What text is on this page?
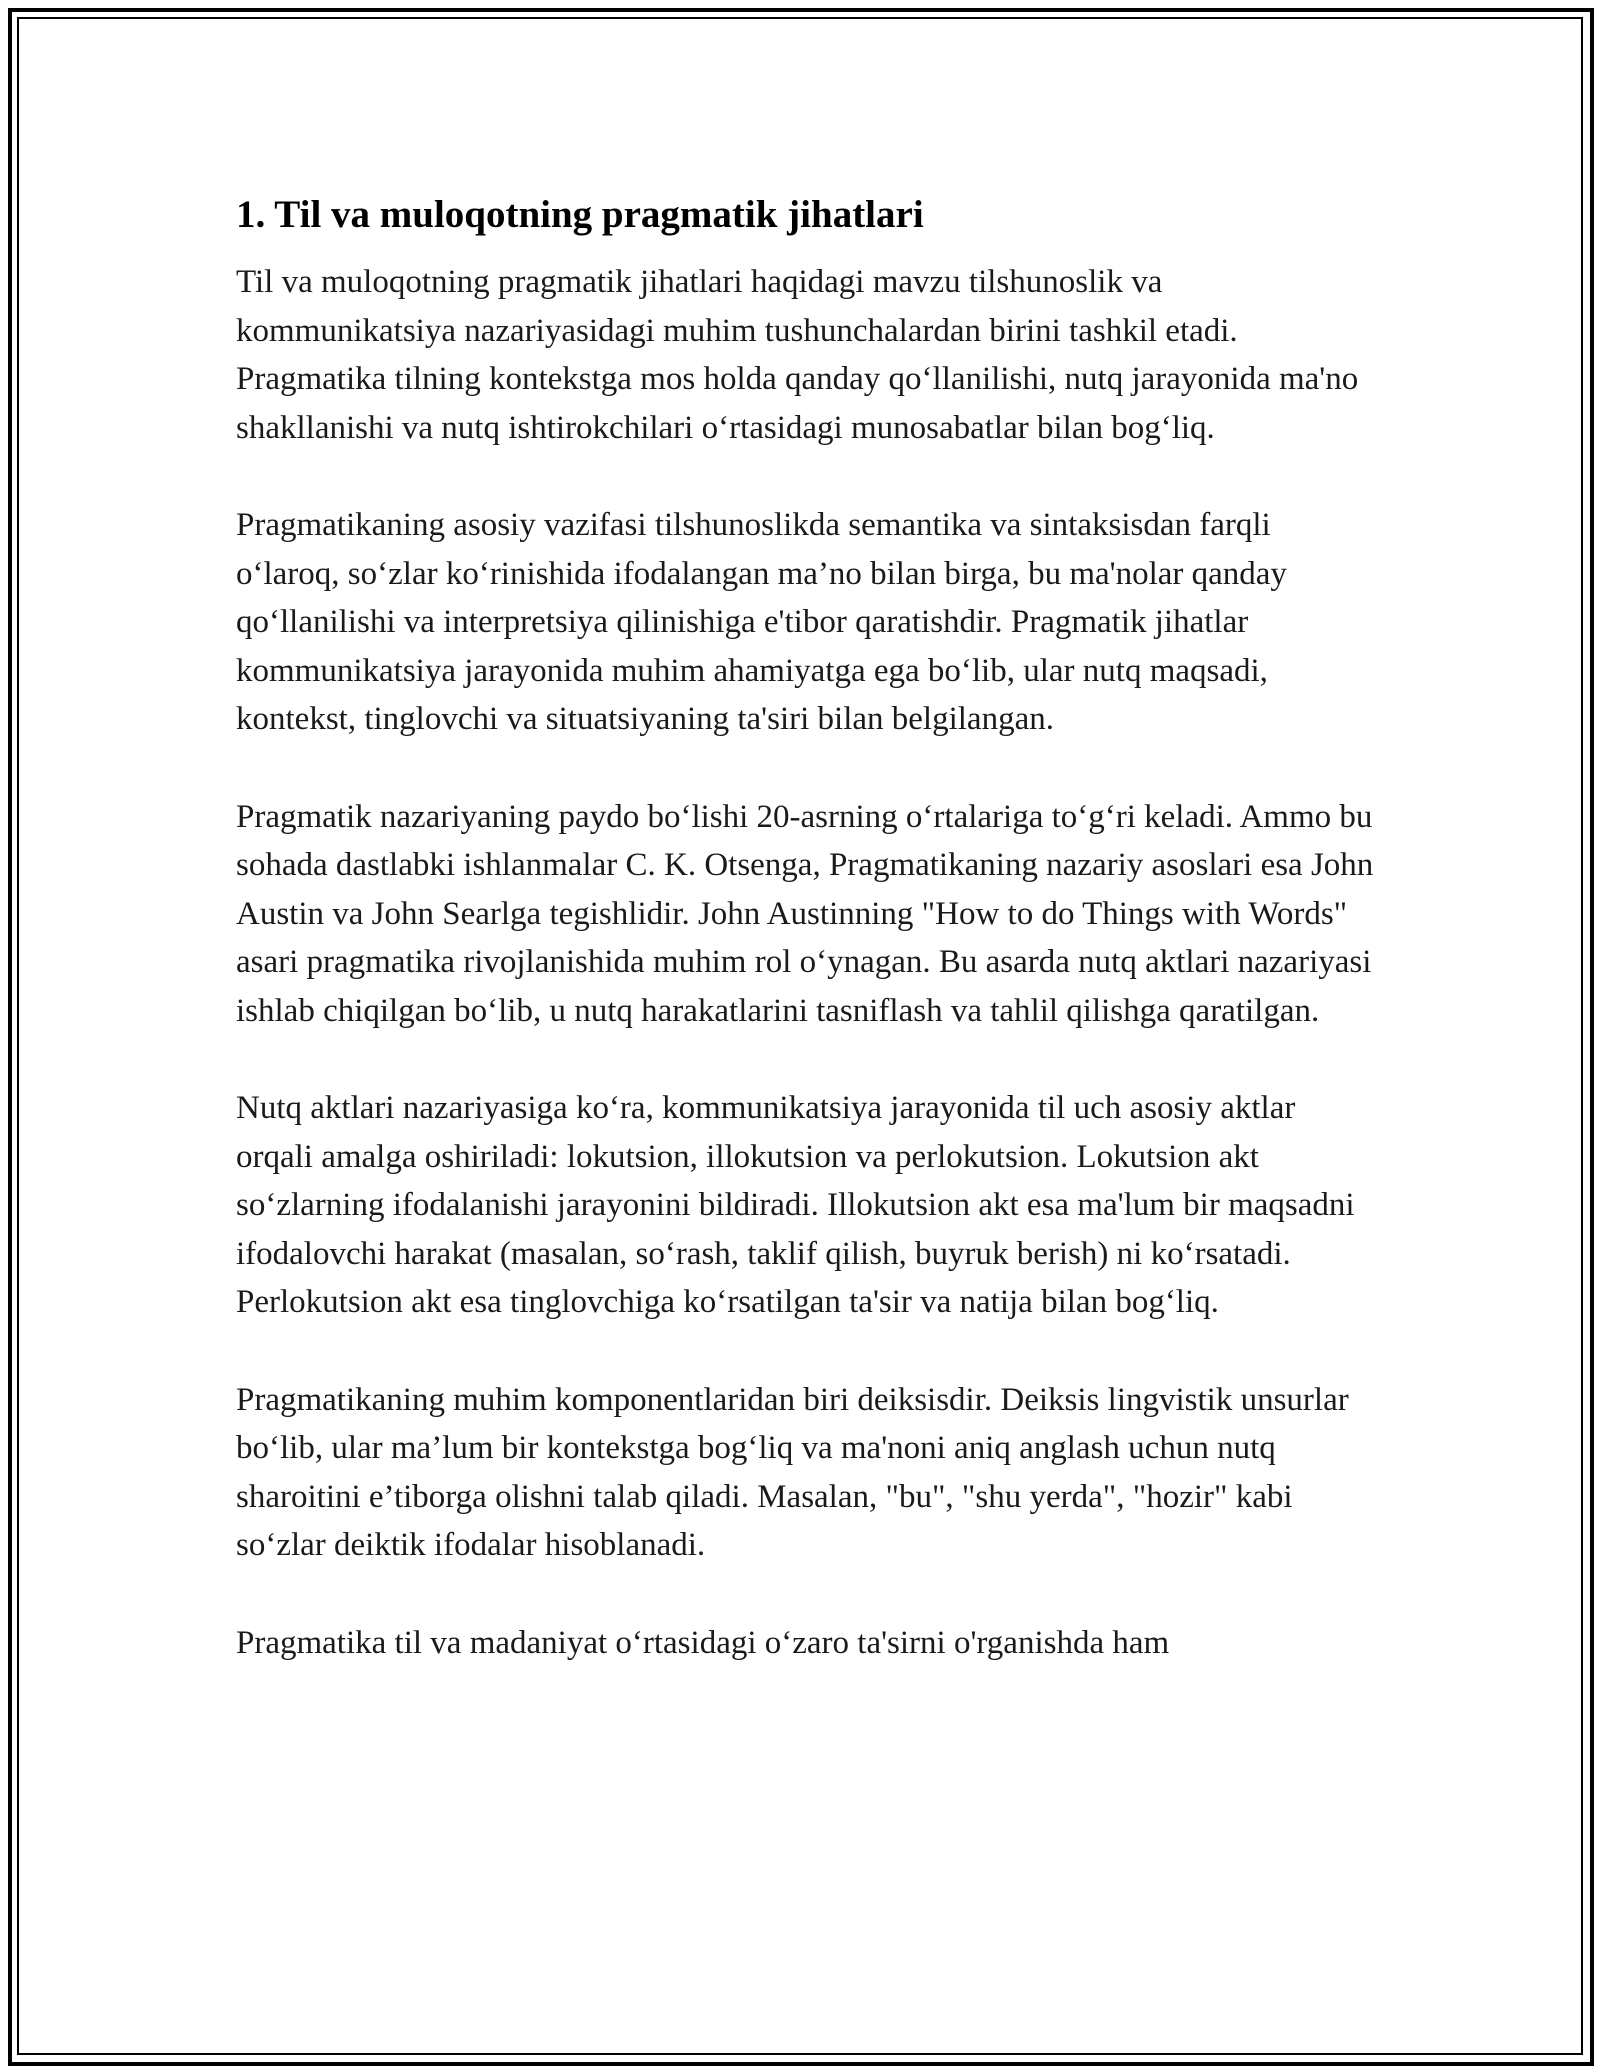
1. Til va muloqotning pragmatik jihatlari

Til va muloqotning pragmatik jihatlari haqidagi mavzu tilshunoslik va kommunikatsiya nazariyasidagi muhim tushunchalardan birini tashkil etadi. Pragmatika tilning kontekstga mos holda qanday qo‘llanilishi, nutq jarayonida ma'no shakllanishi va nutq ishtirokchilari o‘rtasidagi munosabatlar bilan bog‘liq.

Pragmatikaning asosiy vazifasi tilshunoslikda semantika va sintaksisdan farqli o‘laroq, so‘zlar ko‘rinishida ifodalangan ma’no bilan birga, bu ma'nolar qanday qo‘llanilishi va interpretsiya qilinishiga e'tibor qaratishdir. Pragmatik jihatlar kommunikatsiya jarayonida muhim ahamiyatga ega bo‘lib, ular nutq maqsadi, kontekst, tinglovchi va situatsiyaning ta'siri bilan belgilangan.

Pragmatik nazariyaning paydo bo‘lishi 20-asrning o‘rtalariga to‘g‘ri keladi. Ammo bu sohada dastlabki ishlanmalar C. K. Otsenga, Pragmatikaning nazariy asoslari esa John Austin va John Searlga tegishlidir. John Austinning "How to do Things with Words" asari pragmatika rivojlanishida muhim rol o‘ynagan. Bu asarda nutq aktlari nazariyasi ishlab chiqilgan bo‘lib, u nutq harakatlarini tasniflash va tahlil qilishga qaratilgan.

Nutq aktlari nazariyasiga ko‘ra, kommunikatsiya jarayonida til uch asosiy aktlar orqali amalga oshiriladi: lokutsion, illokutsion va perlokutsion. Lokutsion akt so‘zlarning ifodalanishi jarayonini bildiradi. Illokutsion akt esa ma'lum bir maqsadni ifodalovchi harakat (masalan, so‘rash, taklif qilish, buyruk berish) ni ko‘rsatadi. Perlokutsion akt esa tinglovchiga ko‘rsatilgan ta'sir va natija bilan bog‘liq.

Pragmatikaning muhim komponentlaridan biri deiksisdir. Deiksis lingvistik unsurlar bo‘lib, ular ma’lum bir kontekstga bog‘liq va ma'noni aniq anglash uchun nutq sharoitini e’tiborga olishni talab qiladi. Masalan, "bu", "shu yerda", "hozir" kabi so‘zlar deiktik ifodalar hisoblanadi.

Pragmatika til va madaniyat o‘rtasidagi o‘zaro ta'sirni o'rganishda ham
